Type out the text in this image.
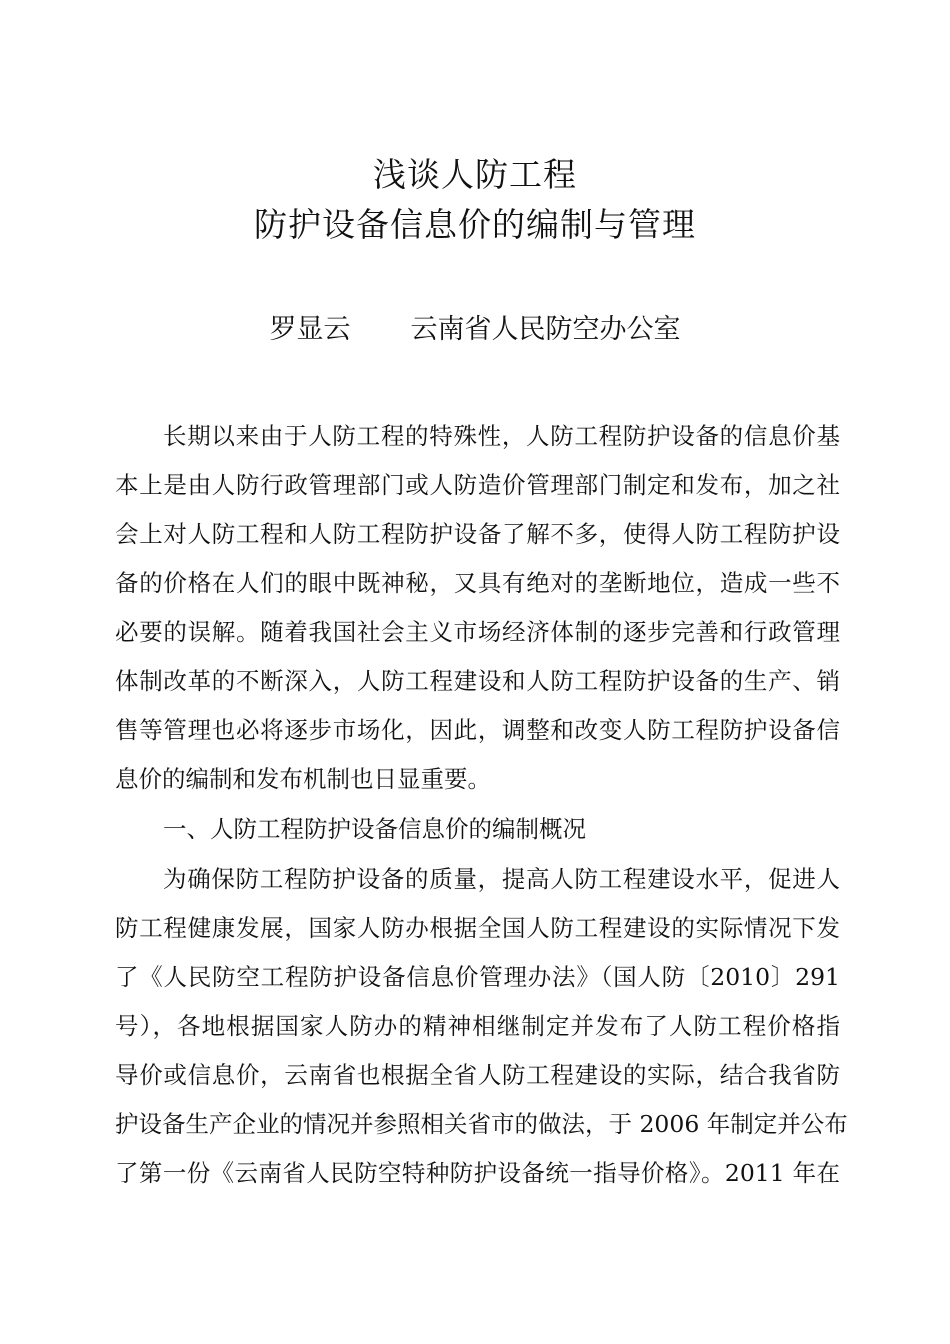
浅谈人防工程
防护设备信息价的编制与管理
罗显云 云南省人民防空办公室
长期以来由于人防工程的特殊性，人防工程防护设备的信息价基
本上是由人防行政管理部门或人防造价管理部门制定和发布，加之社
会上对人防工程和人防工程防护设备了解不多，使得人防工程防护设
备的价格在人们的眼中既神秘，又具有绝对的垄断地位，造成一些不
必要的误解。随着我国社会主义市场经济体制的逐步完善和行政管理
体制改革的不断深入，人防工程建设和人防工程防护设备的生产、销
售等管理也必将逐步市场化，因此，调整和改变人防工程防护设备信
息价的编制和发布机制也日显重要。
一、人防工程防护设备信息价的编制概况
为确保防工程防护设备的质量，提高人防工程建设水平，促进人
防工程健康发展，国家人防办根据全国人防工程建设的实际情况下发
了《人民防空工程防护设备信息价管理办法》（国人防〔2010〕291
号），各地根据国家人防办的精神相继制定并发布了人防工程价格指
导价或信息价，云南省也根据全省人防工程建设的实际，结合我省防
护设备生产企业的情况并参照相关省市的做法，于 2006 年制定并公布
了第一份《云南省人民防空特种防护设备统一指导价格》。2011 年在
